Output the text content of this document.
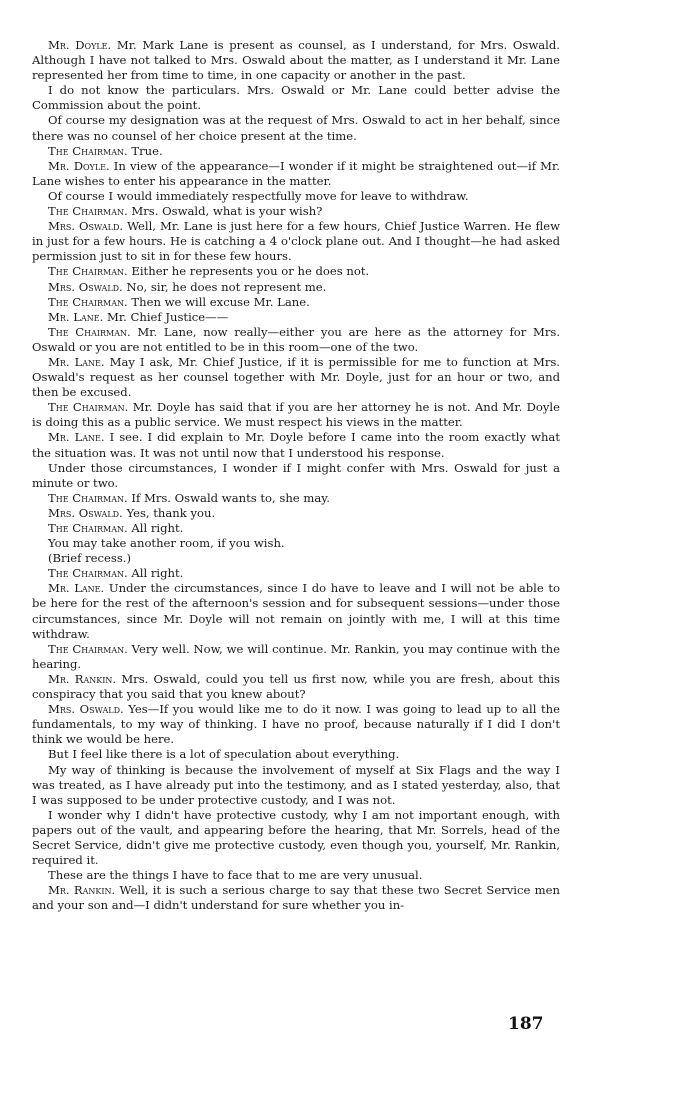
Mr. Doyle. Mr. Mark Lane is present as counsel, as I understand, for Mrs. Oswald. Although I have not talked to Mrs. Oswald about the matter, as I understand it Mr. Lane represented her from time to time, in one capacity or another in the past.

I do not know the particulars. Mrs. Oswald or Mr. Lane could better advise the Commission about the point.

Of course my designation was at the request of Mrs. Oswald to act in her behalf, since there was no counsel of her choice present at the time.

The Chairman. True.

Mr. Doyle. In view of the appearance—I wonder if it might be straightened out—if Mr. Lane wishes to enter his appearance in the matter.

Of course I would immediately respectfully move for leave to withdraw.

The Chairman. Mrs. Oswald, what is your wish?

Mrs. Oswald. Well, Mr. Lane is just here for a few hours, Chief Justice Warren. He flew in just for a few hours. He is catching a 4 o'clock plane out. And I thought—he had asked permission just to sit in for these few hours.

The Chairman. Either he represents you or he does not.

Mrs. Oswald. No, sir, he does not represent me.

The Chairman. Then we will excuse Mr. Lane.

Mr. Lane. Mr. Chief Justice——

The Chairman. Mr. Lane, now really—either you are here as the attorney for Mrs. Oswald or you are not entitled to be in this room—one of the two.

Mr. Lane. May I ask, Mr. Chief Justice, if it is permissible for me to function at Mrs. Oswald's request as her counsel together with Mr. Doyle, just for an hour or two, and then be excused.

The Chairman. Mr. Doyle has said that if you are her attorney he is not. And Mr. Doyle is doing this as a public service. We must respect his views in the matter.

Mr. Lane. I see. I did explain to Mr. Doyle before I came into the room exactly what the situation was. It was not until now that I understood his response.

Under those circumstances, I wonder if I might confer with Mrs. Oswald for just a minute or two.

The Chairman. If Mrs. Oswald wants to, she may.

Mrs. Oswald. Yes, thank you.

The Chairman. All right.

You may take another room, if you wish.

(Brief recess.)

The Chairman. All right.

Mr. Lane. Under the circumstances, since I do have to leave and I will not be able to be here for the rest of the afternoon's session and for subsequent sessions—under those circumstances, since Mr. Doyle will not remain on jointly with me, I will at this time withdraw.

The Chairman. Very well. Now, we will continue. Mr. Rankin, you may continue with the hearing.

Mr. Rankin. Mrs. Oswald, could you tell us first now, while you are fresh, about this conspiracy that you said that you knew about?

Mrs. Oswald. Yes—If you would like me to do it now. I was going to lead up to all the fundamentals, to my way of thinking. I have no proof, because naturally if I did I don't think we would be here.

But I feel like there is a lot of speculation about everything.

My way of thinking is because the involvement of myself at Six Flags and the way I was treated, as I have already put into the testimony, and as I stated yesterday, also, that I was supposed to be under protective custody, and I was not.

I wonder why I didn't have protective custody, why I am not important enough, with papers out of the vault, and appearing before the hearing, that Mr. Sorrels, head of the Secret Service, didn't give me protective custody, even though you, yourself, Mr. Rankin, required it.

These are the things I have to face that to me are very unusual.

Mr. Rankin. Well, it is such a serious charge to say that these two Secret Service men and your son and—I didn't understand for sure whether you in-

187
